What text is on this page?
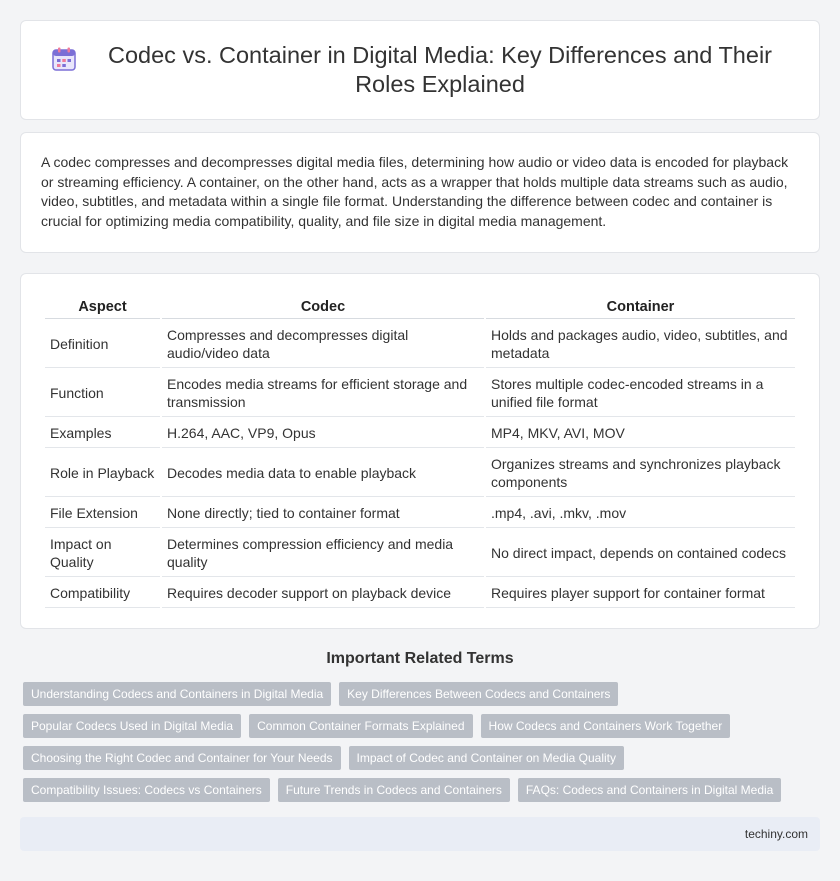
Codec vs. Container in Digital Media: Key Differences and Their Roles Explained

A codec compresses and decompresses digital media files, determining how audio or video data is encoded for playback or streaming efficiency. A container, on the other hand, acts as a wrapper that holds multiple data streams such as audio, video, subtitles, and metadata within a single file format. Understanding the difference between codec and container is crucial for optimizing media compatibility, quality, and file size in digital media management.

Aspect	Codec	Container
Definition	Compresses and decompresses digital audio/video data	Holds and packages audio, video, subtitles, and metadata
Function	Encodes media streams for efficient storage and transmission	Stores multiple codec-encoded streams in a unified file format
Examples	H.264, AAC, VP9, Opus	MP4, MKV, AVI, MOV
Role in Playback	Decodes media data to enable playback	Organizes streams and synchronizes playback components
File Extension	None directly; tied to container format	.mp4, .avi, .mkv, .mov
Impact on Quality	Determines compression efficiency and media quality	No direct impact, depends on contained codecs
Compatibility	Requires decoder support on playback device	Requires player support for container format
Important Related Terms
Understanding Codecs and Containers in Digital Media	Key Differences Between Codecs and Containers
Popular Codecs Used in Digital Media	Common Container Formats Explained	How Codecs and Containers Work Together
Choosing the Right Codec and Container for Your Needs	Impact of Codec and Container on Media Quality
Compatibility Issues: Codecs vs Containers	Future Trends in Codecs and Containers	FAQs: Codecs and Containers in Digital Media
techiny.com
